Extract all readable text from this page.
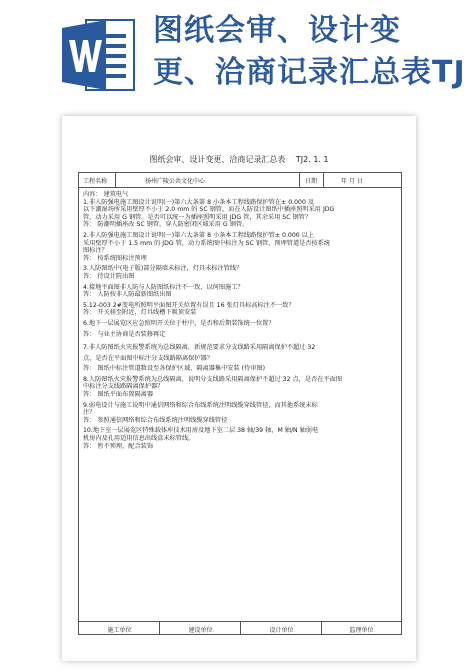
图纸会审、设计变
更、洽商记录汇总表TJ
图纸会审、设计变更、洽商记录汇总表 TJ2. 1. 1
工程名称	扬州广陵公共文化中心	日期	年 月 日

内容： 建筑电气

1.非人防强电施工图设计说明(一)第六大条第 8 小条本工程线路保护管在± 0.000 及

以下潮湿场所采用壁厚不小于 2.0 mm 的 SC 钢管，而在人防设计图纸中插座照明采用 JDG

管，动力采用 G 钢管。是否可以统一为插座照明采用 JDG 管，其余采用 SC 钢管？

答： 防潮明插座改 SC 钢管，穿人防密闭区域采用 G 钢管。

2.非人防强电施工图设计说明(一)第六大条第 8 小条本工程线路保护管± 0.000 以上

采用壁厚不小于 1.5 mm 的 JDG 管，动力系统图中标注为 SC 钢管，预埋管道是否按系统

图标注？

答： 按系统图标注预埋

3.人防图纸中(电子版)部分隔墙未标注，灯具未标注管线？

答： 待设计院出图

4.接地平面图非人防与人防图纸标注不一致，以何图施工？

答： 人防按非人防最新图纸出图

5.12-003 2#变电所照明平面图开关位置有误且 16 张灯具标高标注不一致？

答： 开关移至附近，灯具线槽下吸顶安装

6.地下一层展览区应急照明开关位于柱中，是否和后期装饰统一位置？

答： 与业主协商是否装修再定

7.非人防图纸火灾报警系统为总线隔离，新规范要求分支线路采用隔离保护不超过 32

点，是否在平面图中标注分支线路隔离保护器？

答： 图纸中标注管道数设至各保护区域，隔离器集中安装 (待审图)

8.人防图纸火灾报警系统为总线隔离，说明分支线路采用隔离保护不超过 32 点，是否在平面图

中标注分支线路隔离保护器？

答： 图纸平面布置隔离器

9.弱电设计与施工说明中通信网络和综合布线系统注明线缆穿线管径，而其他系统未标

注？

答： 参照通信网络和综合布线系统注明线缆穿线管径

10.地下室一层展览区特殊载体库技术用房及地下室二层 38 轴/39 轴，M 轴/N 轴弱电

机房内及孔用适用信息出线盒未标管线。

答： 暂不预埋，配合装饰

施工单位	建设单位	设计单位	监理单位
